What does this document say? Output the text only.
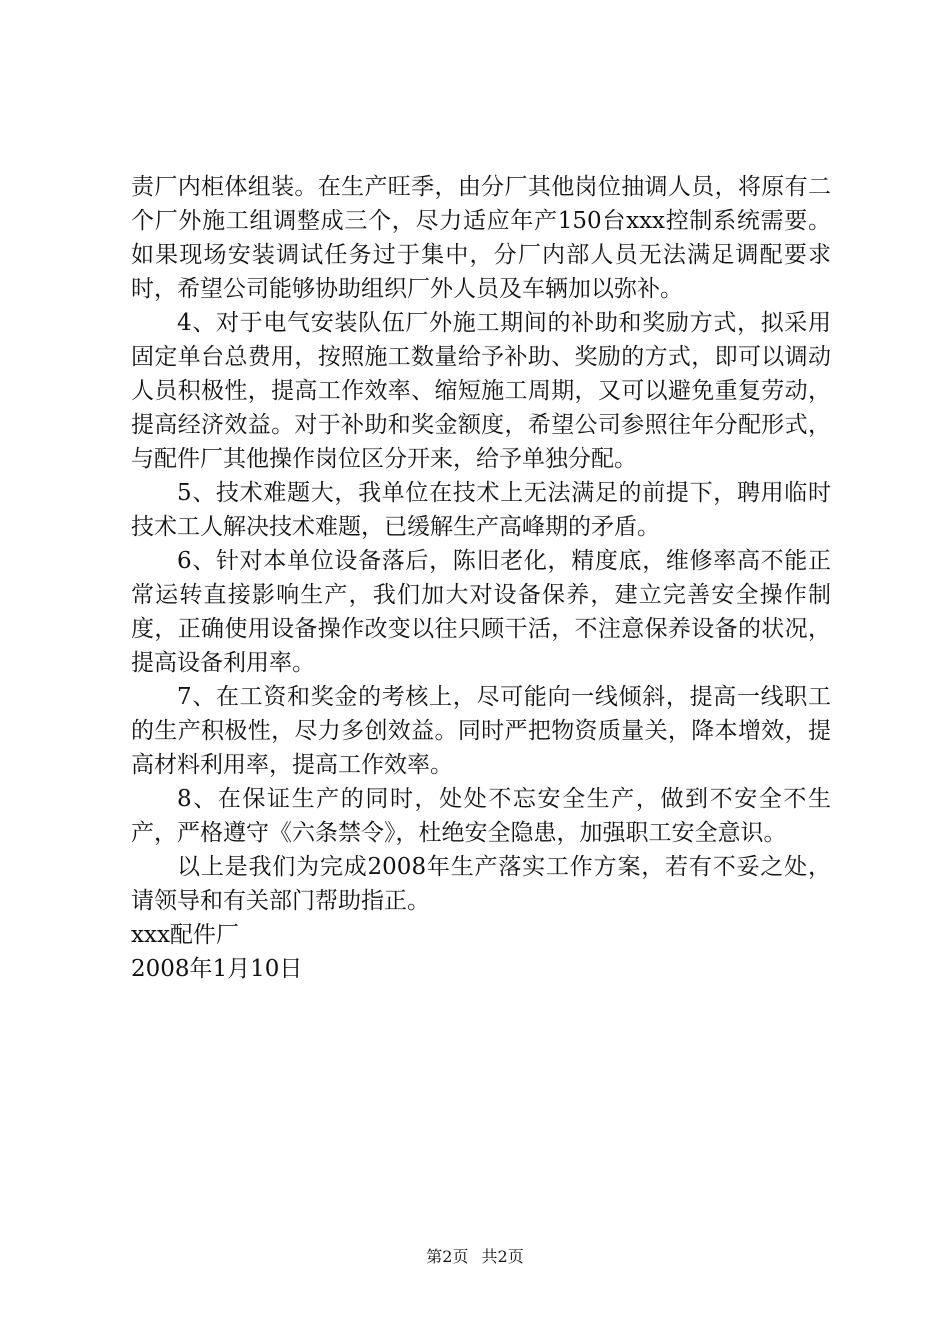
责厂内柜体组装。在生产旺季，由分厂其他岗位抽调人员，将原有二个厂外施工组调整成三个，尽力适应年产150台xxx控制系统需要。如果现场安装调试任务过于集中，分厂内部人员无法满足调配要求时，希望公司能够协助组织厂外人员及车辆加以弥补。

4、对于电气安装队伍厂外施工期间的补助和奖励方式，拟采用固定单台总费用，按照施工数量给予补助、奖励的方式，即可以调动人员积极性，提高工作效率、缩短施工周期，又可以避免重复劳动，提高经济效益。对于补助和奖金额度，希望公司参照往年分配形式，与配件厂其他操作岗位区分开来，给予单独分配。

5、技术难题大，我单位在技术上无法满足的前提下，聘用临时技术工人解决技术难题，已缓解生产高峰期的矛盾。

6、针对本单位设备落后，陈旧老化，精度底，维修率高不能正常运转直接影响生产，我们加大对设备保养，建立完善安全操作制度，正确使用设备操作改变以往只顾干活，不注意保养设备的状况，提高设备利用率。

7、在工资和奖金的考核上，尽可能向一线倾斜，提高一线职工的生产积极性，尽力多创效益。同时严把物资质量关，降本增效，提高材料利用率，提高工作效率。

8、在保证生产的同时，处处不忘安全生产，做到不安全不生产，严格遵守《六条禁令》，杜绝安全隐患，加强职工安全意识。

以上是我们为完成2008年生产落实工作方案，若有不妥之处，请领导和有关部门帮助指正。

xxx配件厂

2008年1月10日

第2页 共2页
